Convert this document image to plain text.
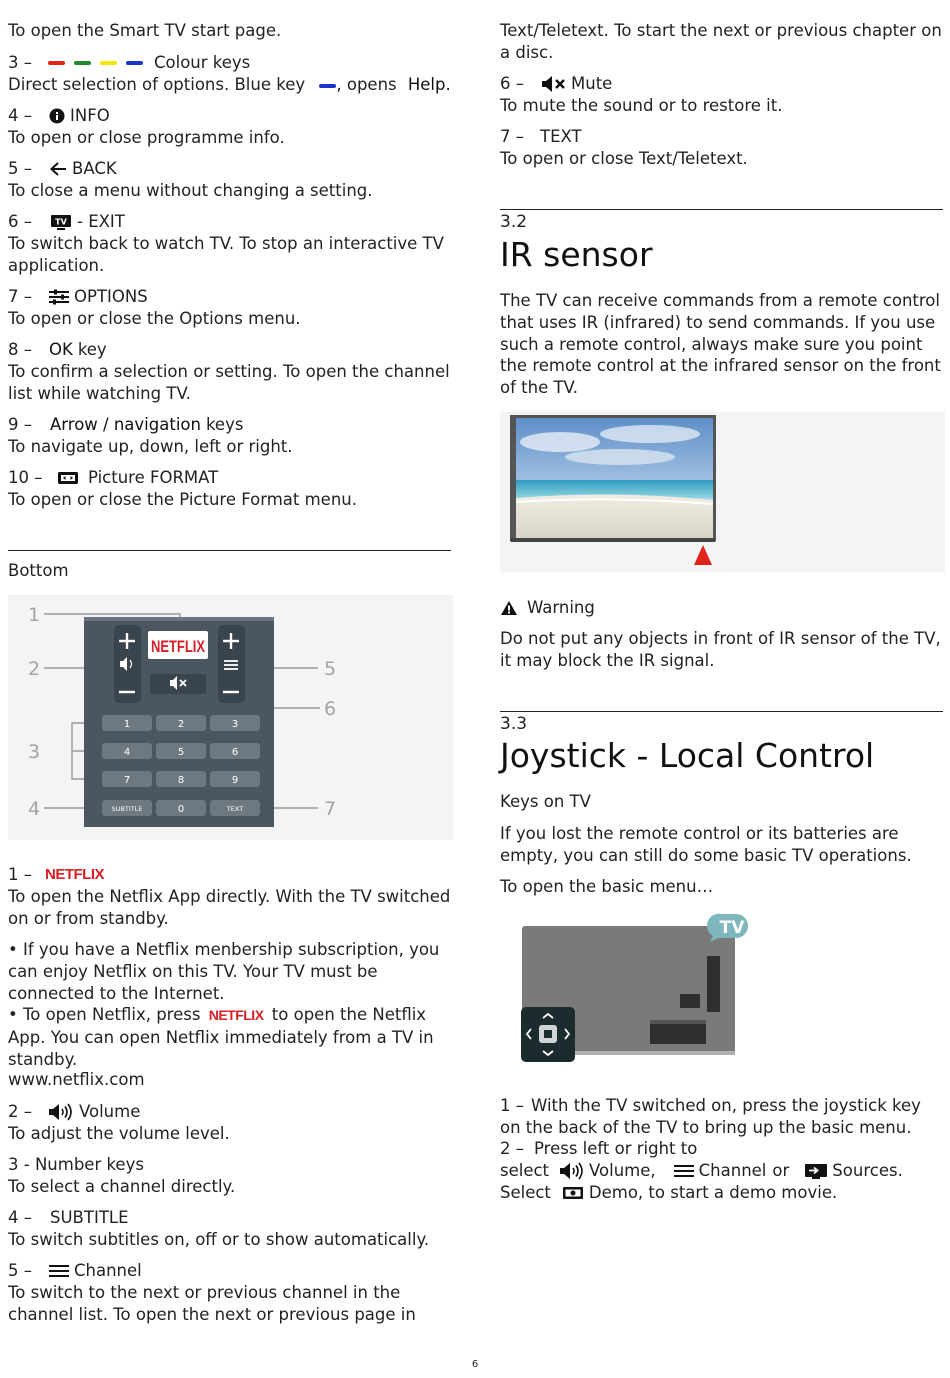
To open the Smart TV start page.

3 –	Colour keys
Direct selection of options. Blue key , opens Help.
4 –	INFO

To open or close programme info.

5 –	BACK

To close a menu without changing a setting.

6 –	TV - EXIT

To switch back to watch TV. To stop an interactive TV application.

7 –	OPTIONS

To open or close the Options menu.

8 –	OK key

To confirm a selection or setting. To open the channel list while watching TV.

9 –	Arrow / navigation keys

To navigate up, down, left or right.

10 –	Picture FORMAT

To open or close the Picture Format menu.

Bottom

1
2
3
4
5
6
7
NETFLIX
1	2	3
4	5	6
7	8	9
SUBTITLE	0	TEXT
1 – NETFLIX

To open the Netflix App directly. With the TV switched on or from standby.

• If you have a Netflix menbership subscription, you can enjoy Netflix on this TV. Your TV must be connected to the Internet.

• To open Netflix, press NETFLIX to open the Netflix App. You can open Netflix immediately from a TV in standby.

www.netflix.com

2 –	Volume

To adjust the volume level.

3 - Number keys

To select a channel directly.

4 –	SUBTITLE

To switch subtitles on, off or to show automatically.

5 –	Channel

To switch to the next or previous channel in the channel list. To open the next or previous page in

Text/Teletext. To start the next or previous chapter on a disc.

6 –	Mute

To mute the sound or to restore it.

7 – TEXT

To open or close Text/Teletext.

3.2

IR sensor

The TV can receive commands from a remote control that uses IR (infrared) to send commands. If you use such a remote control, always make sure you point the remote control at the infrared sensor on the front of the TV.

Warning

Do not put any objects in front of IR sensor of the TV, it may block the IR signal.

3.3

Joystick - Local Control

Keys on TV

If you lost the remote control or its batteries are empty, you can still do some basic TV operations.

To open the basic menu…

TV

1 – With the TV switched on, press the joystick key on the back of the TV to bring up the basic menu.

2 – Press left or right to

select Volume,	Channel or	Sources.
Select Demo, to start a demo movie.
6
